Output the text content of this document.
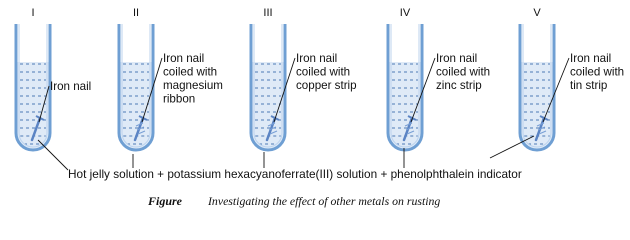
I
Iron nail
II
Iron nail
coiled with
magnesium
ribbon
III
Iron nail
coiled with
copper strip
IV
Iron nail
coiled with
zinc strip
V
Iron nail
coiled with
tin strip
Hot jelly solution + potassium hexacyanoferrate(III) solution + phenolphthalein indicator
Figure Investigating the effect of other metals on rusting
